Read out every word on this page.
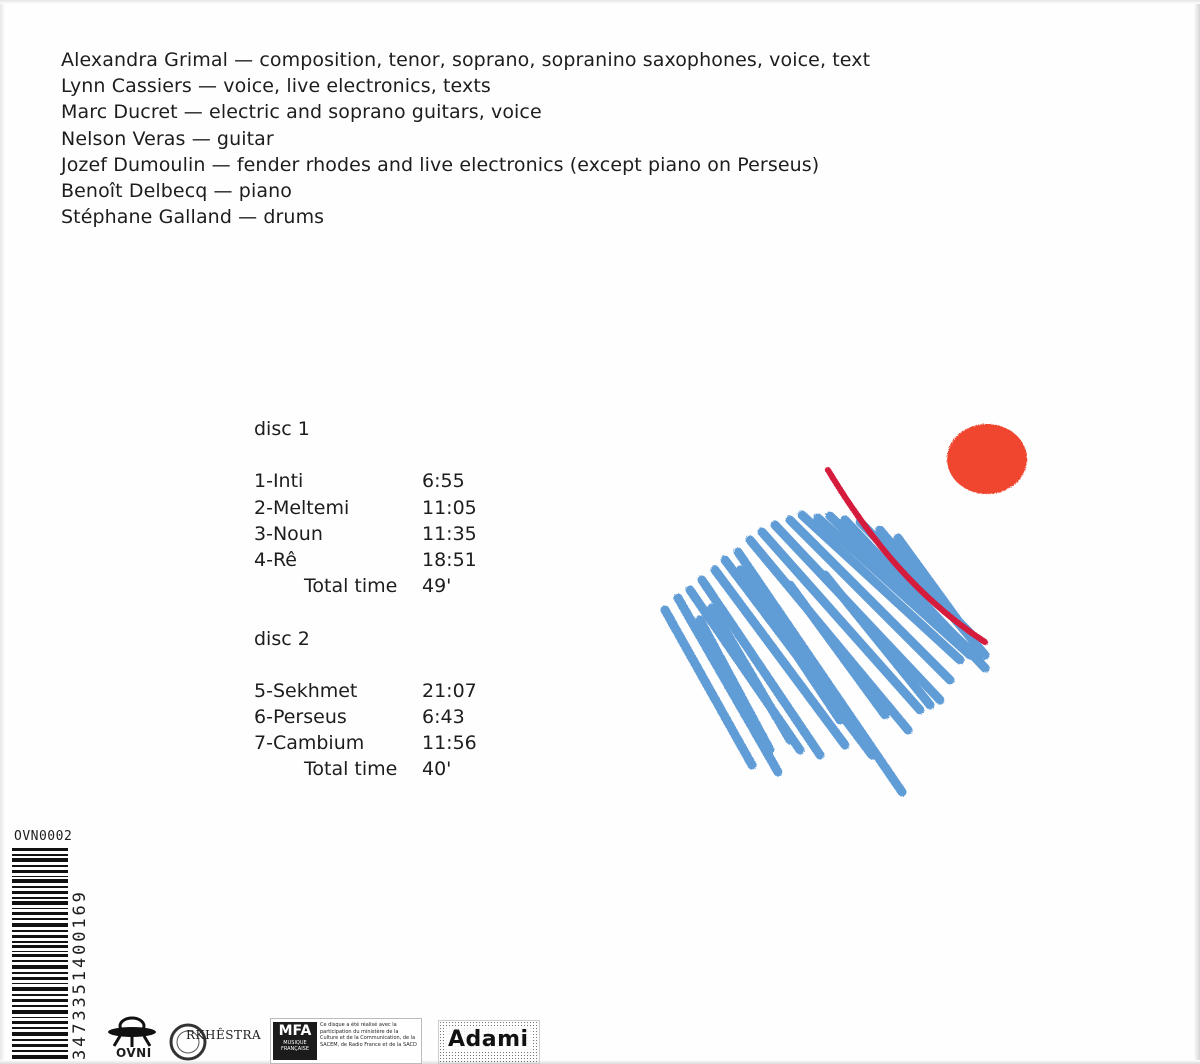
Alexandra Grimal — composition, tenor, soprano, sopranino saxophones, voice, text
Lynn Cassiers — voice, live electronics, texts
Marc Ducret — electric and soprano guitars, voice
Nelson Veras — guitar
Jozef Dumoulin — fender rhodes and live electronics (except piano on Perseus)
Benoît Delbecq — piano
Stéphane Galland — drums
disc 1
1-Inti	6:55
2-Meltemi	11:05
3-Noun	11:35
4-Rê	18:51
Total time 49'
disc 2
5-Sekhmet	21:07
6-Perseus	6:43
7-Cambium	11:56
Total time 40'
OVN0002
3473351400169	OVNI
RKHÊSTRA	MFA
MUSIQUE FRANÇAISE
Ce disque a été réalisé avec la participation du ministère de la Culture et de la Communication, de la SACEM, de Radio France et de la SACD Adami
